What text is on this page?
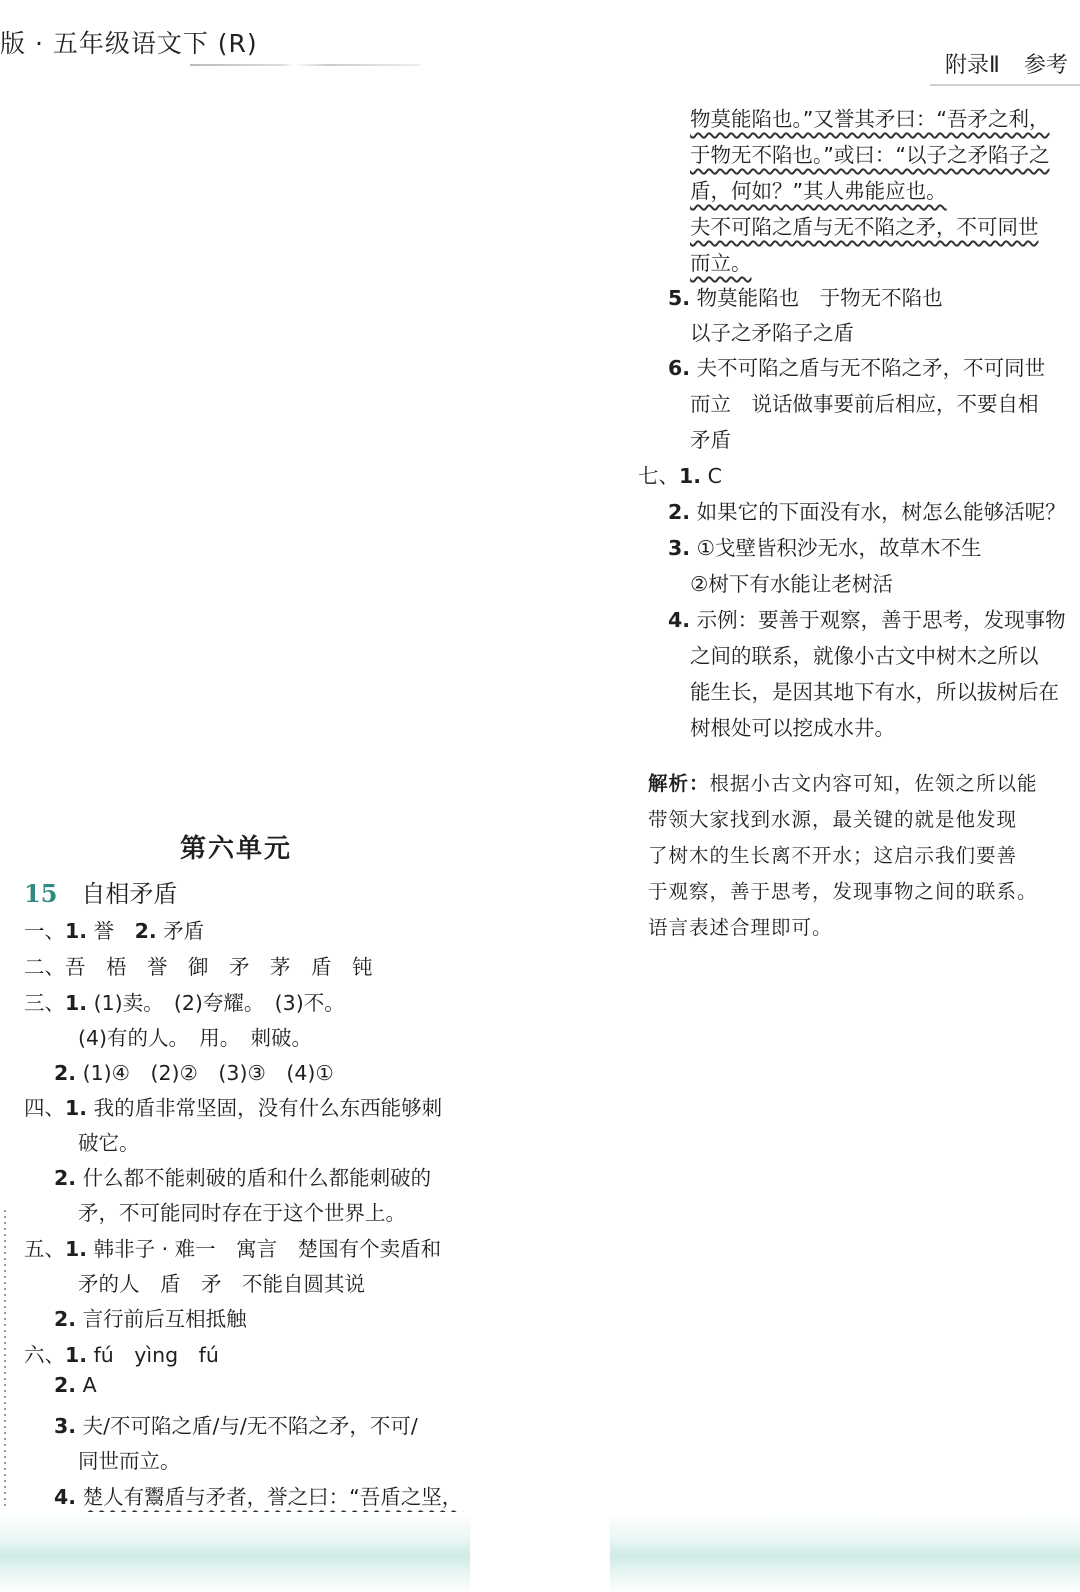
版 · 五年级语文下 (R)
附录Ⅱ 参考
第六单元
15 自相矛盾
一、1. 誉　 2. 矛盾
二、吾　梧　誉　御　矛　茅　盾　钝
三、1. (1)卖。　(2)夸耀。　(3)不。
(4)有的人。　用。　刺破。
2. (1)④　(2)②　(3)③　(4)①
四、1. 我的盾非常坚固，没有什么东西能够刺
破它。
2. 什么都不能刺破的盾和什么都能刺破的
矛，不可能同时存在于这个世界上。
五、1. 韩非子 · 难一　寓言　楚国有个卖盾和
矛的人　盾　矛　不能自圆其说
2. 言行前后互相抵触
六、1. fú　yìng　fú
2. A
3. 夫/不可陷之盾/与/无不陷之矛，不可/
同世而立。
4. 楚人有鬻盾与矛者，誉之曰：“吾盾之坚，
物莫能陷也。”又誉其矛曰：“吾矛之利，
于物无不陷也。”或曰：“以子之矛陷子之
盾，何如？”其人弗能应也。
夫不可陷之盾与无不陷之矛，不可同世
而立。
5. 物莫能陷也　于物无不陷也
以子之矛陷子之盾
6. 夫不可陷之盾与无不陷之矛，不可同世
而立　说话做事要前后相应，不要自相
矛盾
七、1. C
2. 如果它的下面没有水，树怎么能够活呢？
3. ①戈壁皆积沙无水，故草木不生
②树下有水能让老树活
4. 示例：要善于观察，善于思考，发现事物
之间的联系，就像小古文中树木之所以
能生长，是因其地下有水，所以拔树后在
树根处可以挖成水井。
解析：根据小古文内容可知，佐领之所以能
带领大家找到水源，最关键的就是他发现
了树木的生长离不开水；这启示我们要善
于观察，善于思考，发现事物之间的联系。
语言表述合理即可。
